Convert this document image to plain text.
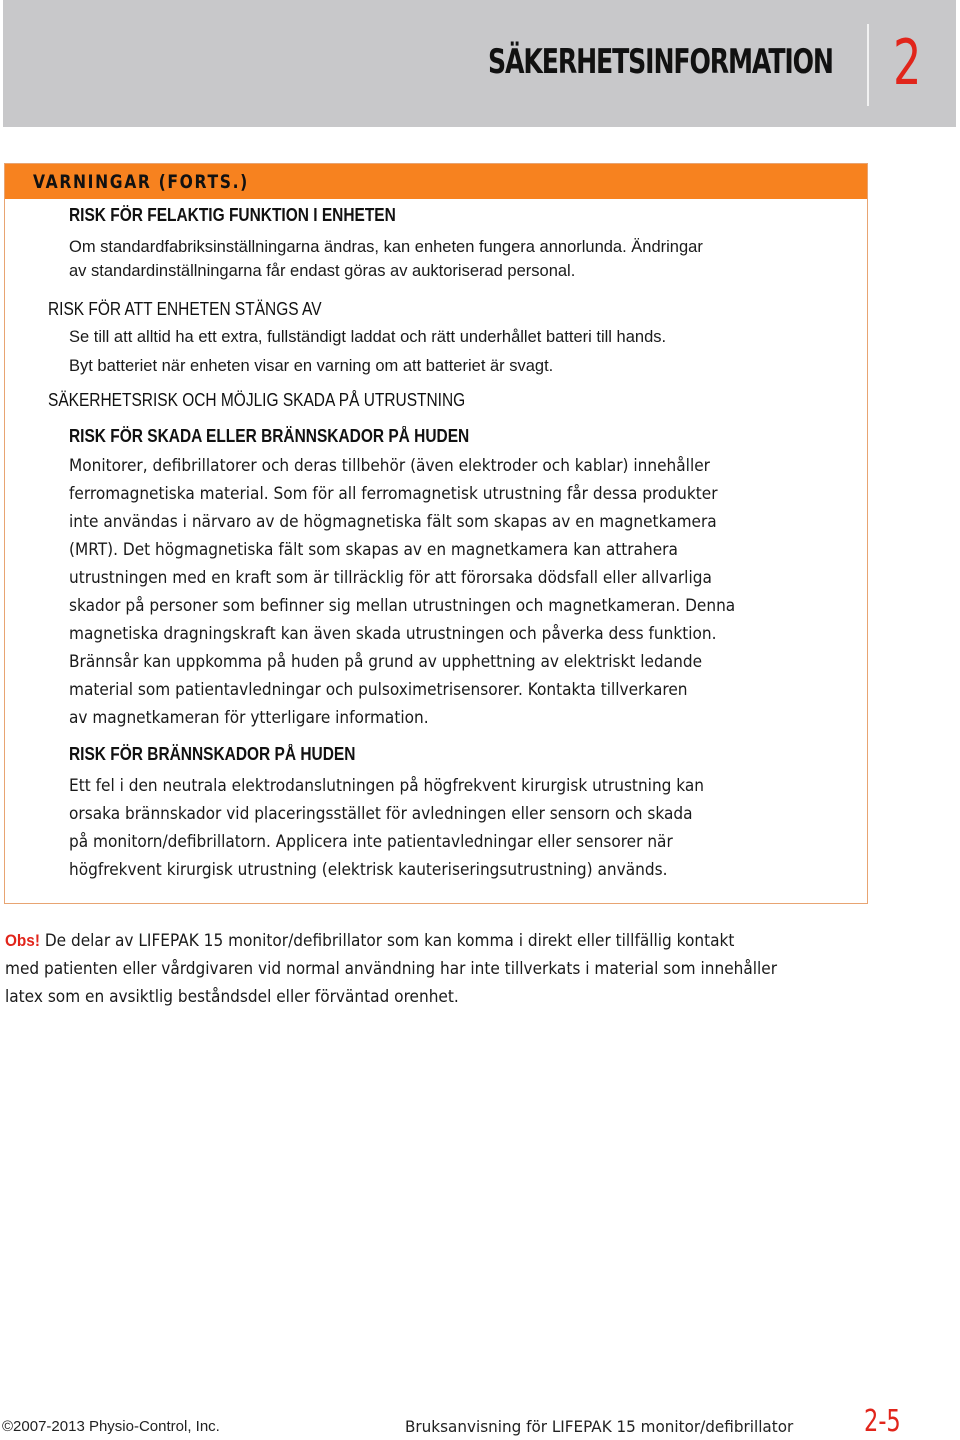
SÄKERHETSINFORMATION 2
VARNINGAR (FORTS.)
RISK FÖR FELAKTIG FUNKTION I ENHETEN
Om standardfabriksinställningarna ändras, kan enheten fungera annorlunda. Ändringar
av standardinställningarna får endast göras av auktoriserad personal.
RISK FÖR ATT ENHETEN STÄNGS AV
Se till att alltid ha ett extra, fullständigt laddat och rätt underhållet batteri till hands.
Byt batteriet när enheten visar en varning om att batteriet är svagt.
SÄKERHETSRISK OCH MÖJLIG SKADA PÅ UTRUSTNING
RISK FÖR SKADA ELLER BRÄNNSKADOR PÅ HUDEN
Monitorer, defibrillatorer och deras tillbehör (även elektroder och kablar) innehåller
ferromagnetiska material. Som för all ferromagnetisk utrustning får dessa produkter
inte användas i närvaro av de högmagnetiska fält som skapas av en magnetkamera
(MRT). Det högmagnetiska fält som skapas av en magnetkamera kan attrahera
utrustningen med en kraft som är tillräcklig för att förorsaka dödsfall eller allvarliga
skador på personer som befinner sig mellan utrustningen och magnetkameran. Denna
magnetiska dragningskraft kan även skada utrustningen och påverka dess funktion.
Brännsår kan uppkomma på huden på grund av upphettning av elektriskt ledande
material som patientavledningar och pulsoximetrisensorer. Kontakta tillverkaren
av magnetkameran för ytterligare information.
RISK FÖR BRÄNNSKADOR PÅ HUDEN
Ett fel i den neutrala elektrodanslutningen på högfrekvent kirurgisk utrustning kan
orsaka brännskador vid placeringsstället för avledningen eller sensorn och skada
på monitorn/defibrillatorn. Applicera inte patientavledningar eller sensorer när
högfrekvent kirurgisk utrustning (elektrisk kauteriseringsutrustning) används.
Obs! De delar av LIFEPAK 15 monitor/defibrillator som kan komma i direkt eller tillfällig kontakt
med patienten eller vårdgivaren vid normal användning har inte tillverkats i material som innehåller
latex som en avsiktlig beståndsdel eller förväntad orenhet.
©2007-2013 Physio-Control, Inc.	Bruksanvisning för LIFEPAK 15 monitor/defibrillator 2-5
